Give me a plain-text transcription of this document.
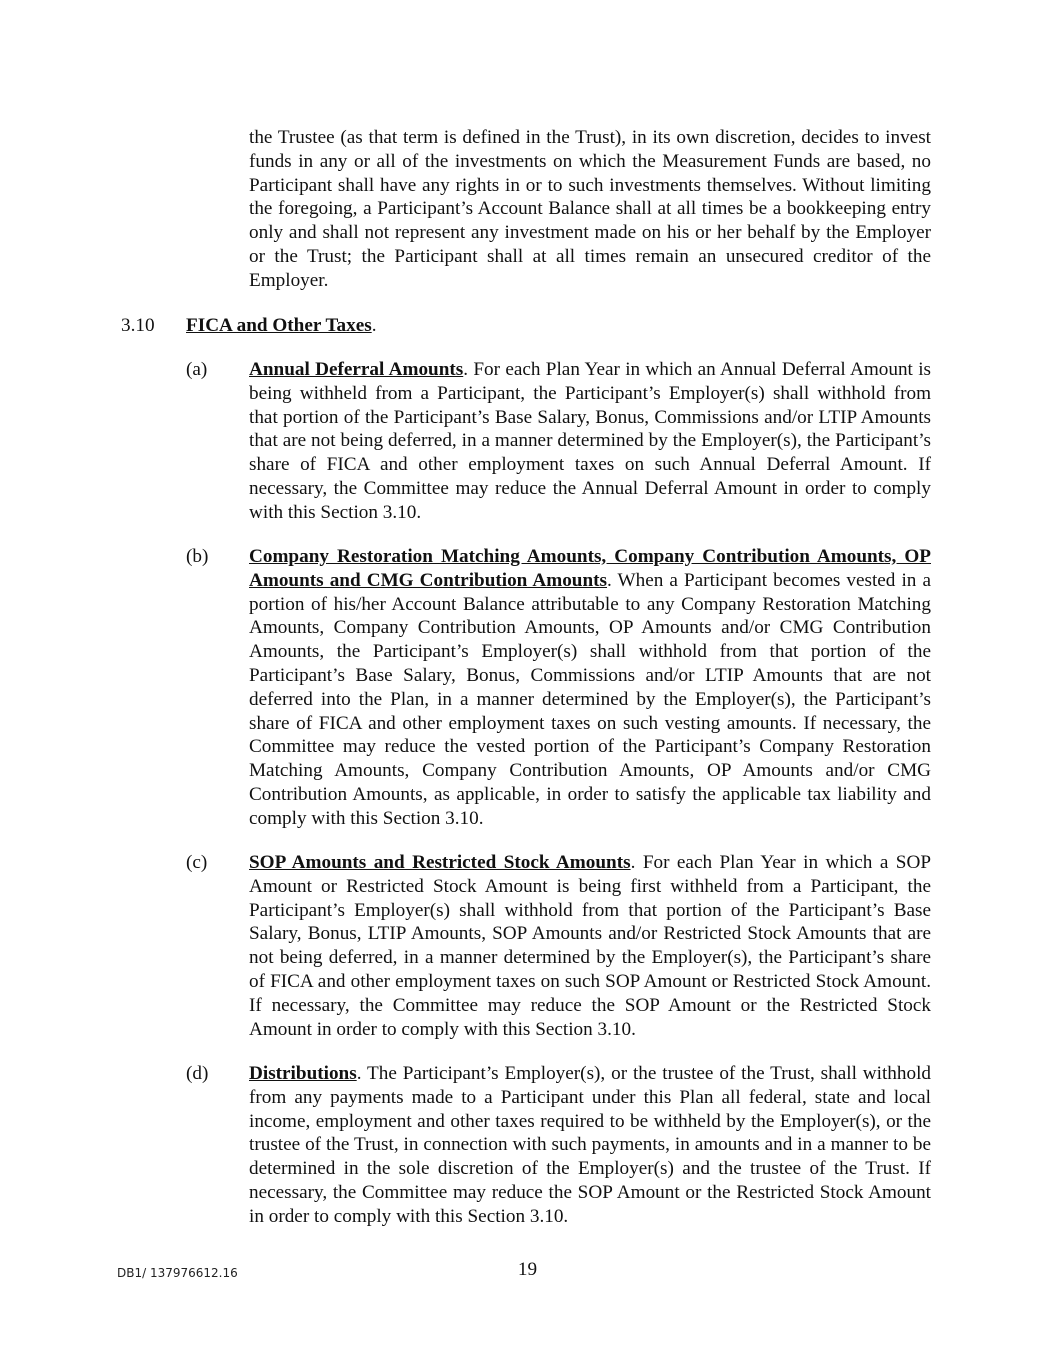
the Trustee (as that term is defined in the Trust), in its own discretion, decides to invest funds in any or all of the investments on which the Measurement Funds are based, no Participant shall have any rights in or to such investments themselves. Without limiting the foregoing, a Participant’s Account Balance shall at all times be a bookkeeping entry only and shall not represent any investment made on his or her behalf by the Employer or the Trust; the Participant shall at all times remain an unsecured creditor of the Employer.

3.10 FICA and Other Taxes.
(a) Annual Deferral Amounts. For each Plan Year in which an Annual Deferral Amount is being withheld from a Participant, the Participant’s Employer(s) shall withhold from that portion of the Participant’s Base Salary, Bonus, Commissions and/or LTIP Amounts that are not being deferred, in a manner determined by the Employer(s), the Participant’s share of FICA and other employment taxes on such Annual Deferral Amount. If necessary, the Committee may reduce the Annual Deferral Amount in order to comply with this Section 3.10.

(b) Company Restoration Matching Amounts, Company Contribution Amounts, OP Amounts and CMG Contribution Amounts. When a Participant becomes vested in a portion of his/her Account Balance attributable to any Company Restoration Matching Amounts, Company Contribution Amounts, OP Amounts and/or CMG Contribution Amounts, the Participant’s Employer(s) shall withhold from that portion of the Participant’s Base Salary, Bonus, Commissions and/or LTIP Amounts that are not deferred into the Plan, in a manner determined by the Employer(s), the Participant’s share of FICA and other employment taxes on such vesting amounts. If necessary, the Committee may reduce the vested portion of the Participant’s Company Restoration Matching Amounts, Company Contribution Amounts, OP Amounts and/or CMG Contribution Amounts, as applicable, in order to satisfy the applicable tax liability and comply with this Section 3.10.

(c) SOP Amounts and Restricted Stock Amounts. For each Plan Year in which a SOP Amount or Restricted Stock Amount is being first withheld from a Participant, the Participant’s Employer(s) shall withhold from that portion of the Participant’s Base Salary, Bonus, LTIP Amounts, SOP Amounts and/or Restricted Stock Amounts that are not being deferred, in a manner determined by the Employer(s), the Participant’s share of FICA and other employment taxes on such SOP Amount or Restricted Stock Amount. If necessary, the Committee may reduce the SOP Amount or the Restricted Stock Amount in order to comply with this Section 3.10.

(d) Distributions. The Participant’s Employer(s), or the trustee of the Trust, shall withhold from any payments made to a Participant under this Plan all federal, state and local income, employment and other taxes required to be withheld by the Employer(s), or the trustee of the Trust, in connection with such payments, in amounts and in a manner to be determined in the sole discretion of the Employer(s) and the trustee of the Trust. If necessary, the Committee may reduce the SOP Amount or the Restricted Stock Amount in order to comply with this Section 3.10.

DB1/ 137976612.16	19
